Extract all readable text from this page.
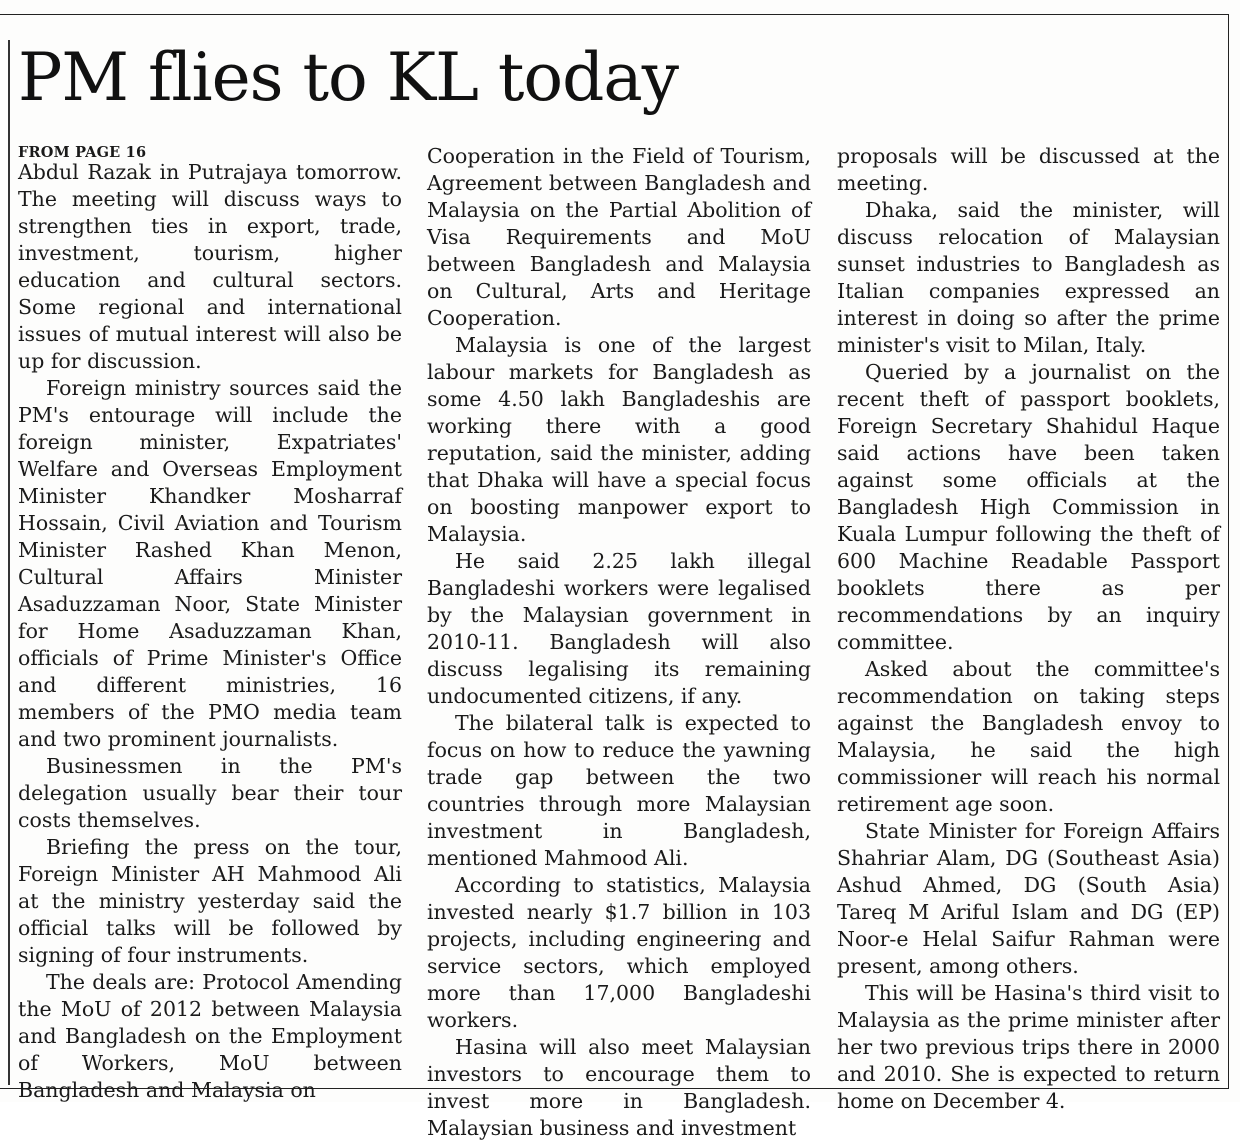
PM flies to KL today
FROM PAGE 16

Abdul Razak in Putrajaya tomorrow. The meeting will discuss ways to strengthen ties in export, trade, investment, tourism, higher education and cultural sectors. Some regional and international issues of mutual interest will also be up for discussion.

Foreign ministry sources said the PM's entourage will include the foreign minister, Expatriates' Welfare and Overseas Employment Minister Khandker Mosharraf Hossain, Civil Aviation and Tourism Minister Rashed Khan Menon, Cultural Affairs Minister Asaduzzaman Noor, State Minister for Home Asaduzzaman Khan, officials of Prime Minister's Office and different ministries, 16 members of the PMO media team and two prominent journalists.

Businessmen in the PM's delegation usually bear their tour costs themselves.

Briefing the press on the tour, Foreign Minister AH Mahmood Ali at the ministry yesterday said the official talks will be followed by signing of four instruments.

The deals are: Protocol Amending the MoU of 2012 between Malaysia and Bangladesh on the Employment of Workers, MoU between Bangladesh and Malaysia on

Cooperation in the Field of Tourism, Agreement between Bangladesh and Malaysia on the Partial Abolition of Visa Requirements and MoU between Bangladesh and Malaysia on Cultural, Arts and Heritage Cooperation.

Malaysia is one of the largest labour markets for Bangladesh as some 4.50 lakh Bangladeshis are working there with a good reputation, said the minister, adding that Dhaka will have a special focus on boosting manpower export to Malaysia.

He said 2.25 lakh illegal Bangladeshi workers were legalised by the Malaysian government in 2010-11. Bangladesh will also discuss legalising its remaining undocumented citizens, if any.

The bilateral talk is expected to focus on how to reduce the yawning trade gap between the two countries through more Malaysian investment in Bangladesh, mentioned Mahmood Ali.

According to statistics, Malaysia invested nearly $1.7 billion in 103 projects, including engineering and service sectors, which employed more than 17,000 Bangladeshi workers.

Hasina will also meet Malaysian investors to encourage them to invest more in Bangladesh. Malaysian business and investment

proposals will be discussed at the meeting.

Dhaka, said the minister, will discuss relocation of Malaysian sunset industries to Bangladesh as Italian companies expressed an interest in doing so after the prime minister's visit to Milan, Italy.

Queried by a journalist on the recent theft of passport booklets, Foreign Secretary Shahidul Haque said actions have been taken against some officials at the Bangladesh High Commission in Kuala Lumpur following the theft of 600 Machine Readable Passport booklets there as per recommendations by an inquiry committee.

Asked about the committee's recommendation on taking steps against the Bangladesh envoy to Malaysia, he said the high commissioner will reach his normal retirement age soon.

State Minister for Foreign Affairs Shahriar Alam, DG (Southeast Asia) Ashud Ahmed, DG (South Asia) Tareq M Ariful Islam and DG (EP) Noor-e Helal Saifur Rahman were present, among others.

This will be Hasina's third visit to Malaysia as the prime minister after her two previous trips there in 2000 and 2010. She is expected to return home on December 4.
